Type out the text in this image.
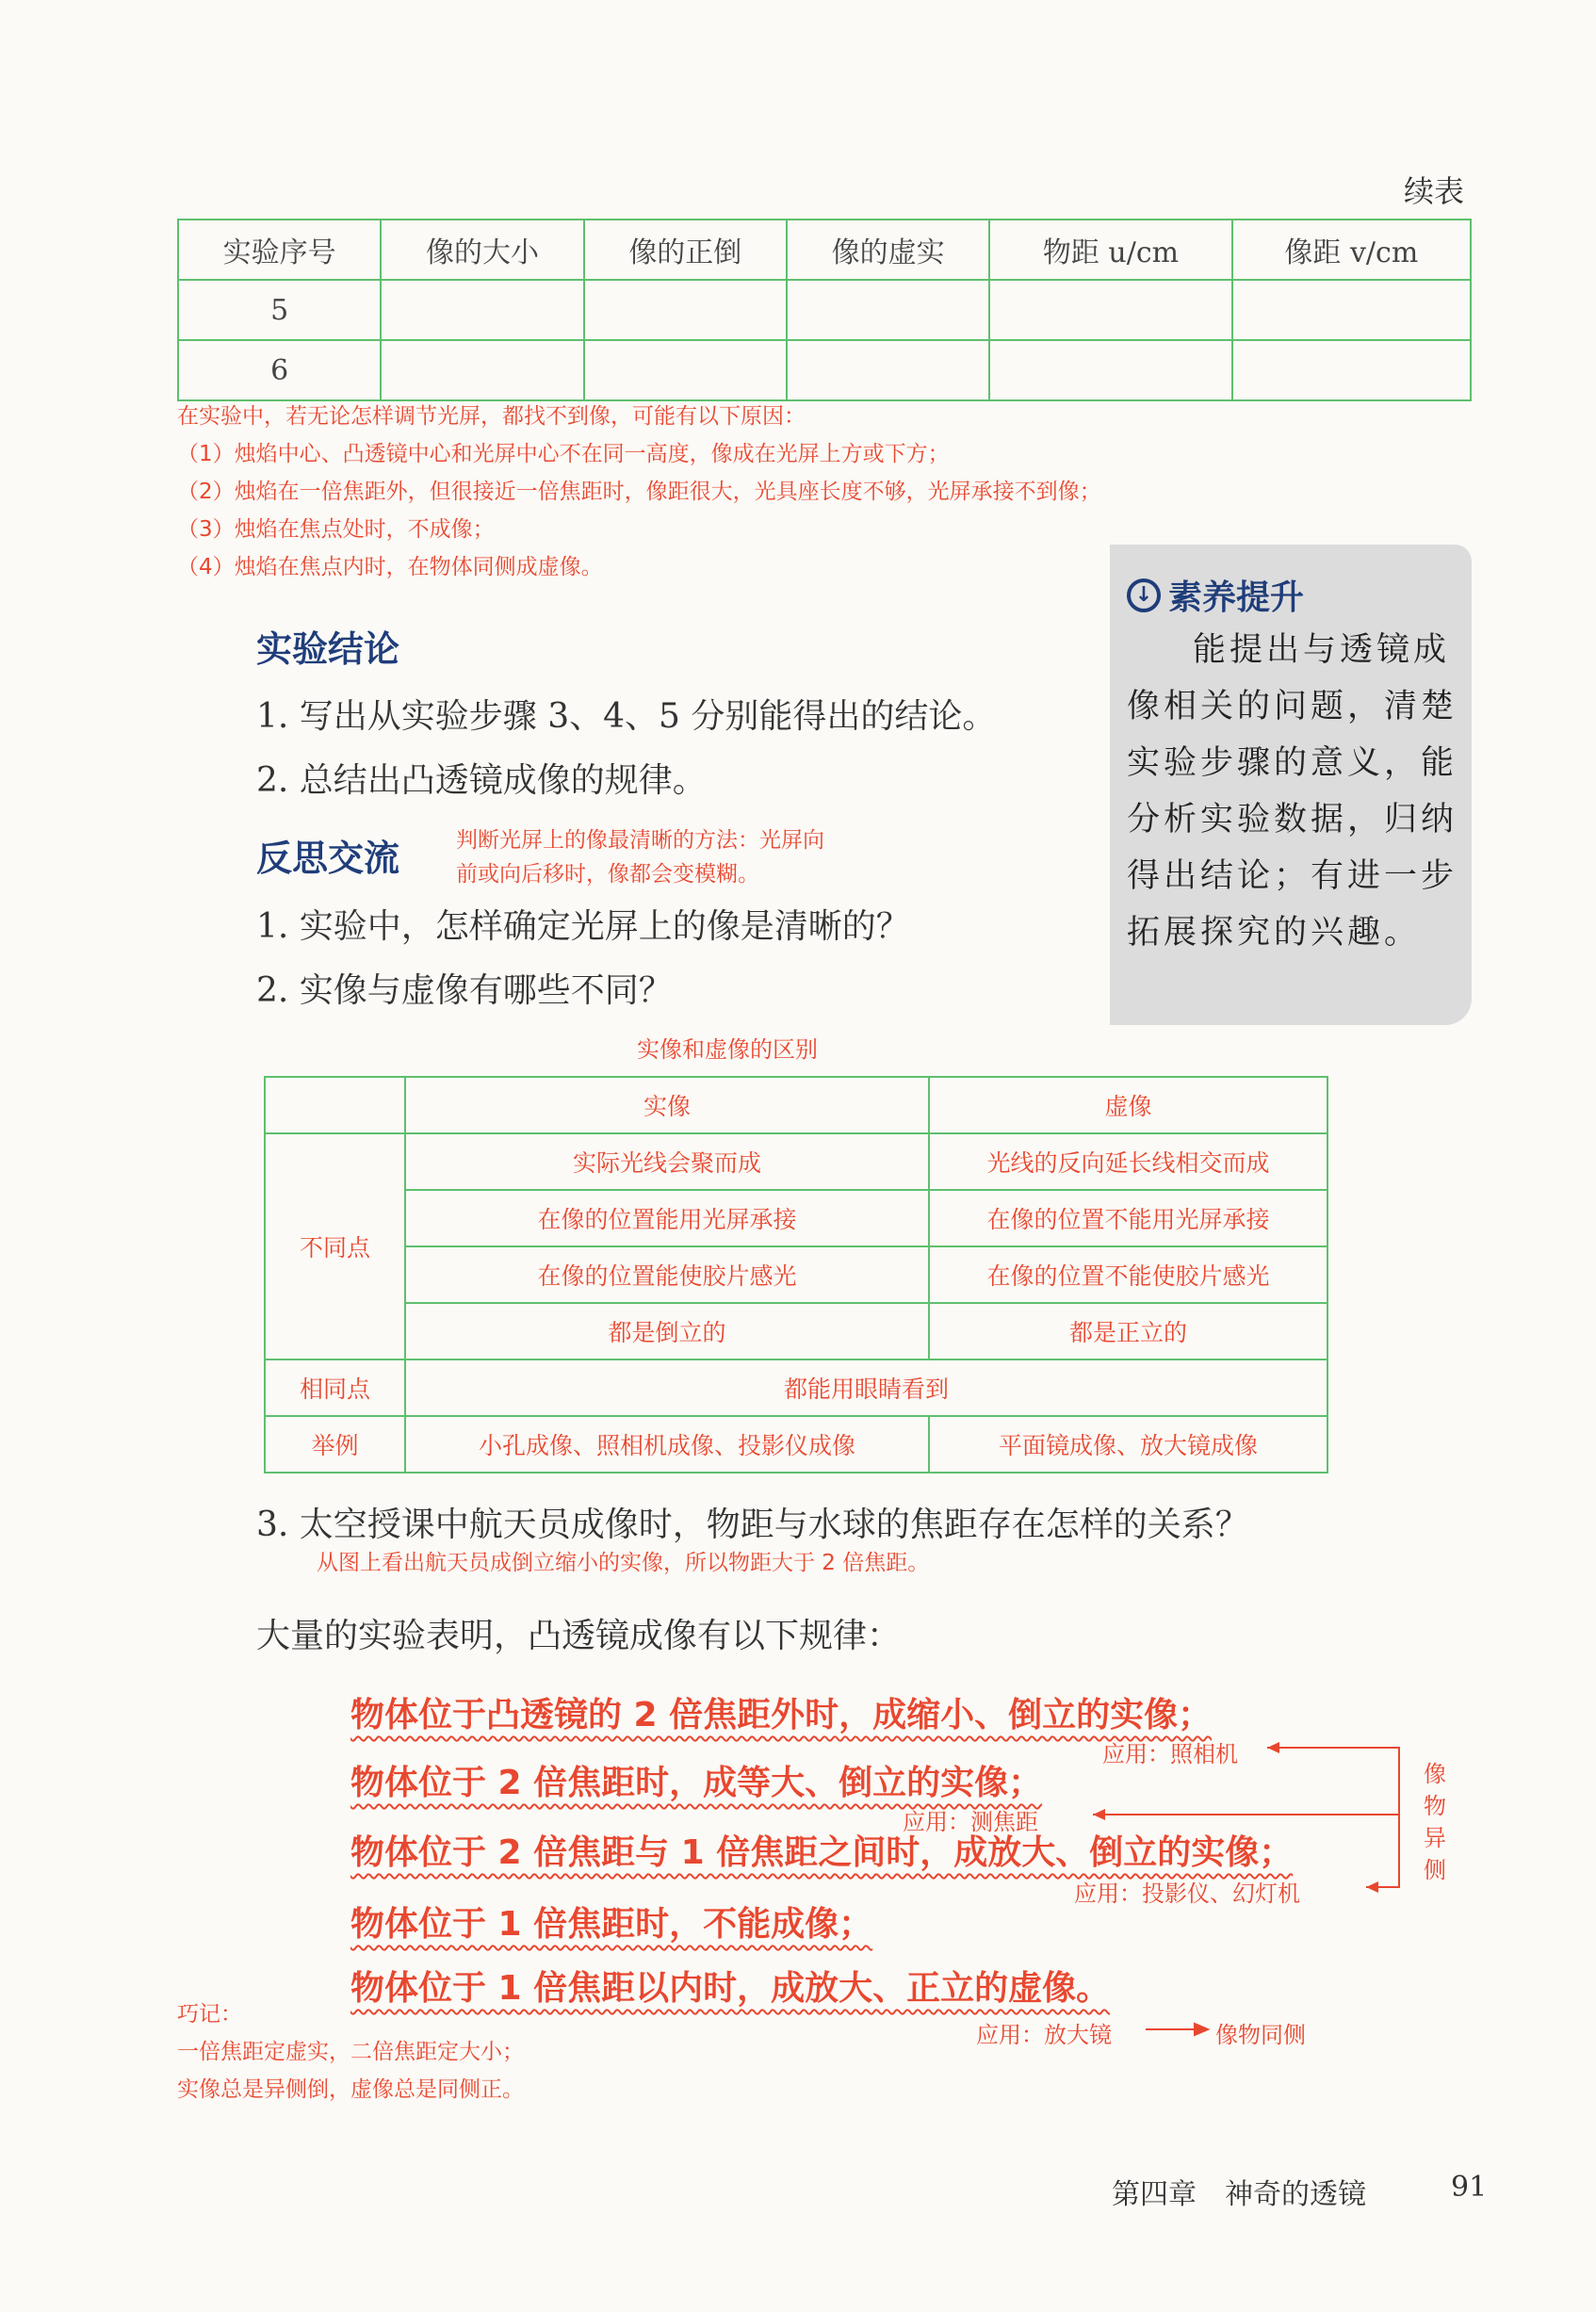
续表
实验序号	像的大小	像的正倒	像的虚实	物距 u/cm	像距 v/cm
5					
6					
在实验中，若无论怎样调节光屏，都找不到像，可能有以下原因：
（1）烛焰中心、凸透镜中心和光屏中心不在同一高度，像成在光屏上方或下方；
（2）烛焰在一倍焦距外，但很接近一倍焦距时，像距很大，光具座长度不够，光屏承接不到像；
（3）烛焰在焦点处时，不成像；
（4）烛焰在焦点内时，在物体同侧成虚像。
↓ 素养提升
能提出与透镜成像相关的问题，清楚实验步骤的意义，能分析实验数据，归纳得出结论；有进一步拓展探究的兴趣。
实验结论
1. 写出从实验步骤 3、4、5 分别能得出的结论。
2. 总结出凸透镜成像的规律。
反思交流	判断光屏上的像最清晰的方法：光屏向
前或向后移时，像都会变模糊。
1. 实验中，怎样确定光屏上的像是清晰的？
2. 实像与虚像有哪些不同？
实像和虚像的区别
	实像	虚像
不同点	实际光线会聚而成	光线的反向延长线相交而成
	在像的位置能用光屏承接	在像的位置不能用光屏承接
	在像的位置能使胶片感光	在像的位置不能使胶片感光
	都是倒立的	都是正立的
相同点	都能用眼睛看到	
举例	小孔成像、照相机成像、投影仪成像	平面镜成像、放大镜成像
3. 太空授课中航天员成像时，物距与水球的焦距存在怎样的关系？
从图上看出航天员成倒立缩小的实像，所以物距大于 2 倍焦距。
大量的实验表明，凸透镜成像有以下规律：
物体位于凸透镜的 2 倍焦距外时，成缩小、倒立的实像；
物体位于 2 倍焦距时，成等大、倒立的实像；
物体位于 2 倍焦距与 1 倍焦距之间时，成放大、倒立的实像；
物体位于 1 倍焦距时，不能成像；
物体位于 1 倍焦距以内时，成放大、正立的虚像。
应用：照相机
应用：测焦距
应用：投影仪、幻灯机
应用：放大镜	像物同侧
像物异侧
巧记：
一倍焦距定虚实，二倍焦距定大小；
实像总是异侧倒，虚像总是同侧正。
第四章　神奇的透镜	91
